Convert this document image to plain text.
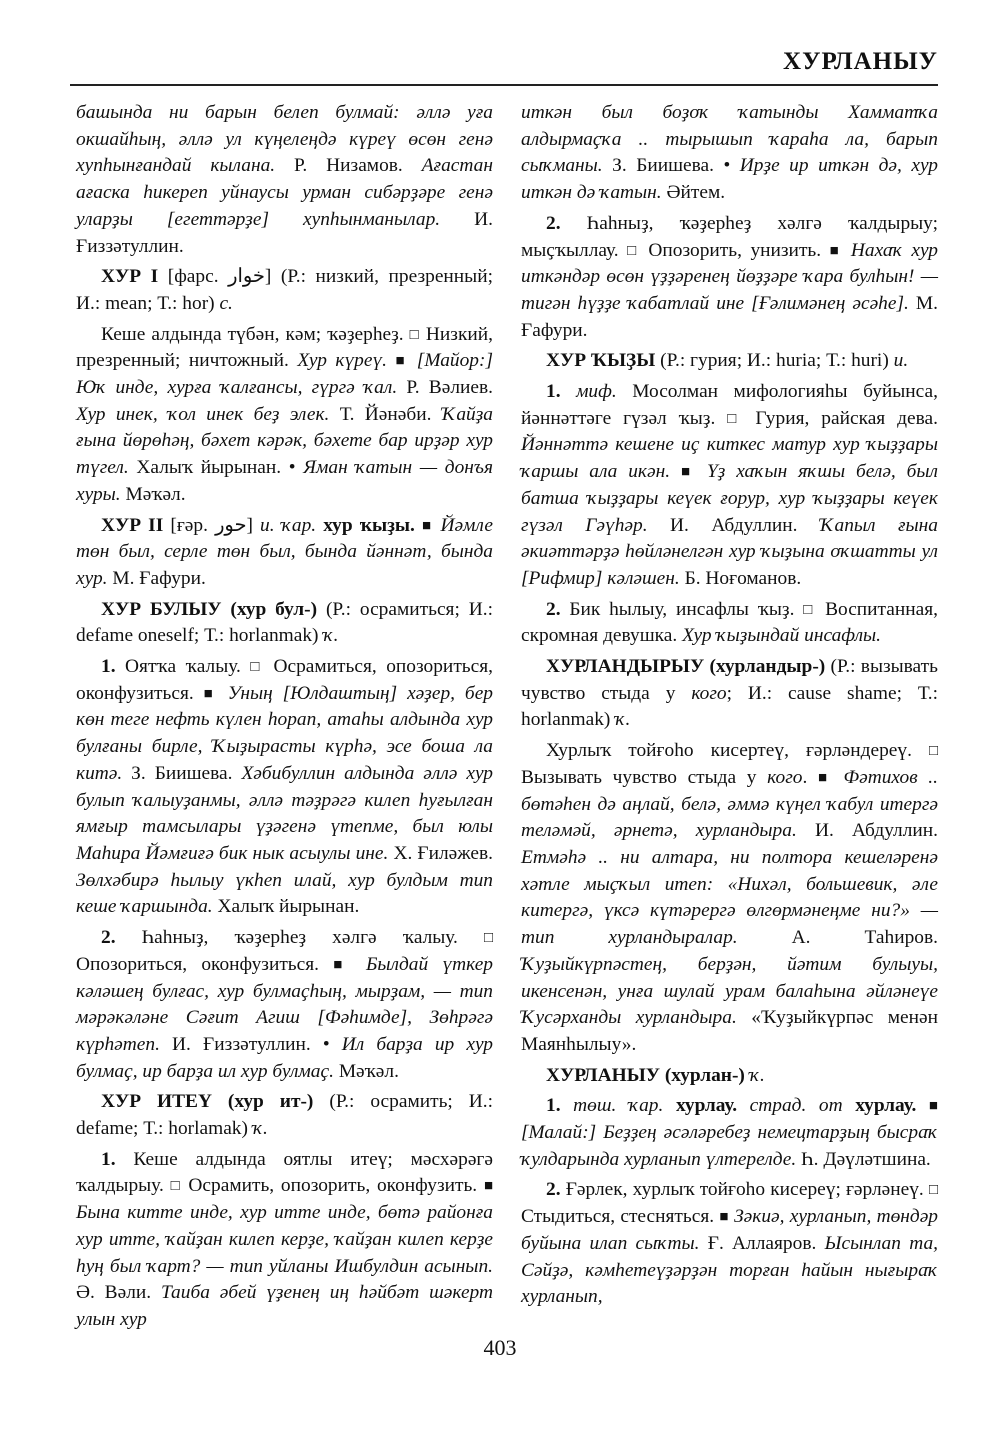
ХУРЛАНЫУ

башында ни барын белеп булмай: әллә уға окшайһың, әллә ул күңелеңдә күреү өсөн генә хупһынғандай кылана. Р. Низамов. Ағастан ағаска һикереп уйнаусы урман сибәрҙәре генә уларҙы [егеттәрҙе] хупһынманылар. И. Ғиззәтуллин.

ХУР I [фарс. خوار] (Р.: низкий, презренный; И.: mean; Т.: hor) с.

Кеше алдында түбән, кәм; ҡәҙерһеҙ. □ Низкий, презренный; ничтожный. Хур күреү. ■ [Майор:] Юҡ инде, хурға ҡалғансы, гүргә ҡал. Р. Вәлиев. Хур инек, ҡол инек беҙ элек. Т. Йәнәби. Ҡайҙа ғына йөрөһәң, бәхет кәрәк, бәхете бар ирҙәр хур түгел. Халыҡ йырынан. • Яман ҡатын — донъя хуры. Мәҡәл.

ХУР II [ғәр. حور] и. ҡар. хур ҡыҙы. ■ Йәмле төн был, серле төн был, бында йәннәт, бында хур. М. Ғафури.

ХУР БУЛЫУ (хур бул-) (Р.: осрамиться; И.: defame oneself; Т.: horlanmak) ҡ.

1. Оятҡа ҡалыу. □ Осрамиться, опозориться, оконфузиться. ■ Уның [Юлдаштың] хәҙер, бер көн теге нефть күлен һорап, атаһы алдында хур булғаны бирле, Ҡыҙырасты күрһә, эсе боша ла китә. З. Биишева. Хәбибуллин алдында әллә хур булып ҡалыуҙанмы, әллә тәҙрәгә килеп һуғылған ямғыр тамсылары үҙәгенә үтепме, был юлы Маһира Йәмғиғә бик нык асыулы ине. Х. Ғиләжев. Зөлхәбирә һылыу үкһеп илай, хур булдым тип кеше ҡаршында. Халыҡ йырынан.

2. Һаһныҙ, ҡәҙерһеҙ хәлгә ҡалыу. □ Опозориться, оконфузиться. ■ Былдай үткер кәләшең булғас, хур булмаҫһың, мырҙам, — тип мәрәкәләне Сәғит Агиш [Фәһимде], Зөһрәгә күрһәтеп. И. Ғиззәтуллин. • Ил барҙа ир хур булмаҫ, ир барҙа ил хур булмаҫ. Мәҡәл.

ХУР ИТЕҮ (хур ит-) (Р.: осрамить; И.: defame; Т.: horlamak) ҡ.

1. Кеше алдында оятлы итеү; мәсхәрәгә ҡалдырыу. □ Осрамить, опозорить, оконфузить. ■ Бына китте инде, хур итте инде, бөтә районға хур итте, ҡайҙан килеп керҙе, ҡайҙан килеп керҙе һуң был ҡарт? — тип уйланы Ишбулдин асынып. Ә. Вәли. Таиба әбей үҙенең иң һәйбәт шәкерт улын хур

иткән был боҙоҡ ҡатынды Хамматҡа алдырмаҫҡа .. тырышып ҡараһа ла, барып сыҡманы. З. Биишева. • Ирҙе ир иткән дә, хур иткән дә ҡатын. Әйтем.

2. Һаһныҙ, ҡәҙерһеҙ хәлгә ҡалдырыу; мыҫҡыллау. □ Опозорить, унизить. ■ Нахаҡ хур иткәндәр өсөн үҙҙәренең йөҙҙәре ҡара булһын! — тигән һүҙҙе ҡабатлай ине [Ғәлимәнең әсәһе]. М. Ғафури.

ХУР ҠЫҘЫ (Р.: гурия; И.: huria; Т.: huri) и.

1. миф. Мосолман мифологияһы буйынса, йәннәттәге гүзәл ҡыҙ. □ Гурия, райская дева. Йәннәттә кешене иҫ киткес матур хур ҡыҙҙары ҡаршы ала икән. ■ Үҙ хаҡын яҡшы белә, был батша ҡыҙҙары кеүек ғорур, хур ҡыҙҙары кеүек гүзәл Гәүһәр. И. Абдуллин. Ҡапыл ғына әкиәттәрҙә һөйләнелгән хур ҡыҙына оҡшатты ул [Рифмир] кәләшен. Б. Ноғоманов.

2. Бик һылыу, инсафлы ҡыҙ. □ Воспитанная, скромная девушка. Хур ҡыҙындай инсафлы.

ХУРЛАНДЫРЫУ (хурландыр-) (Р.: вызывать чувство стыда у кого; И.: cause shame; Т.: horlanmak) ҡ.

Хурлыҡ тойғоһо кисертеү, ғәрләндереү. □ Вызывать чувство стыда у кого. ■ Фәтихов .. бөтәһен дә аңлай, белә, әммә күңел ҡабул итергә теләмәй, әрнетә, хурландыра. И. Абдуллин. Етмәһә .. ни алтара, ни полтора кешеләренә хәтле мыҫҡыл итеп: «Нихәл, большевик, әле китергә, үксә күтәрергә өлгөрмәнеңме ни?» — тип хурландыралар. А. Таһиров. Ҡуҙыйкүрпәстең, берҙән, йәтим булыуы, икенсенән, унға шулай урам балаһына әйләнеүе Ҡусәрханды хурландыра. «Ҡуҙыйкүрпәс менән Маянһылыу».

ХУРЛАНЫУ (хурлан-) ҡ.

1. төш. ҡар. хурлау. страд. от хурлау. ■ [Малай:] Беҙҙең әсәләребеҙ немецтарҙың бысраҡ ҡулдарында хурланып үлтерелде. Һ. Дәүләтшина.

2. Ғәрлек, хурлыҡ тойғоһо кисереү; ғәрләнеү. □ Стыдиться, стесняться. ■ Зәкиә, хурланып, төндәр буйына илап сыҡты. Ғ. Аллаяров. Ысынлап та, Сәйҙә, кәмһетеүҙәрҙән торған һайын нығыраҡ хурланып,

403
